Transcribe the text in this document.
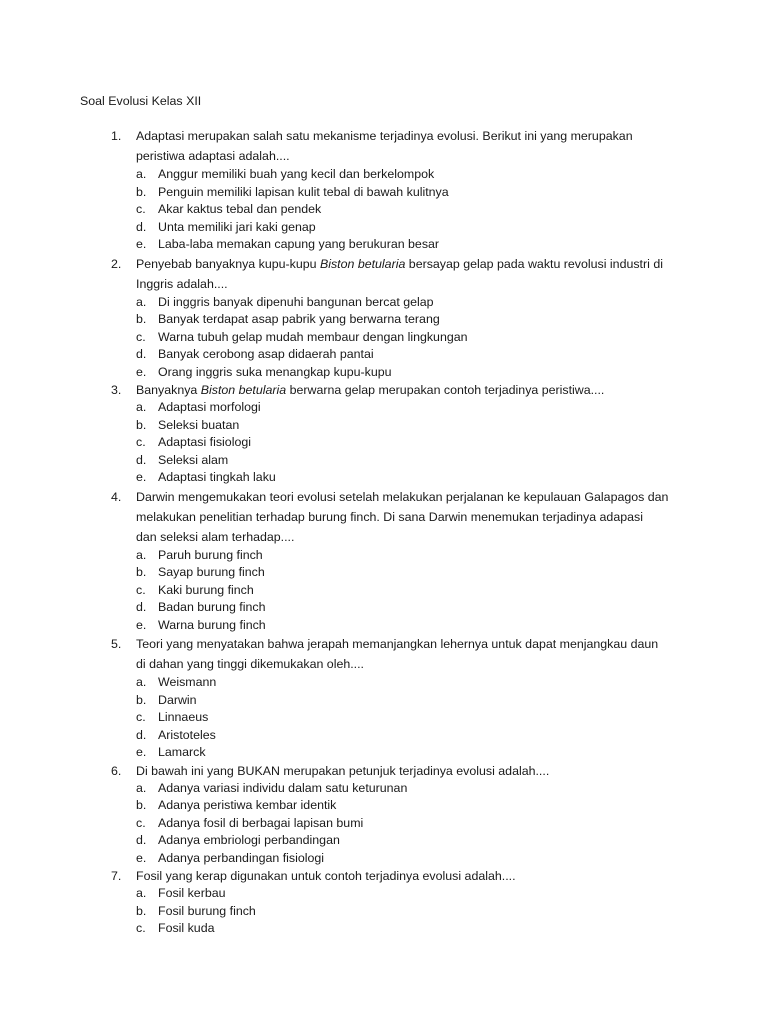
Soal Evolusi Kelas XII
1. Adaptasi merupakan salah satu mekanisme terjadinya evolusi. Berikut ini yang merupakan
peristiwa adaptasi adalah....
a. Anggur memiliki buah yang kecil dan berkelompok
b. Penguin memiliki lapisan kulit tebal di bawah kulitnya
c. Akar kaktus tebal dan pendek
d. Unta memiliki jari kaki genap
e. Laba-laba memakan capung yang berukuran besar
2. Penyebab banyaknya kupu-kupu Biston betularia bersayap gelap pada waktu revolusi industri di
Inggris adalah....
a. Di inggris banyak dipenuhi bangunan bercat gelap
b. Banyak terdapat asap pabrik yang berwarna terang
c. Warna tubuh gelap mudah membaur dengan lingkungan
d. Banyak cerobong asap didaerah pantai
e. Orang inggris suka menangkap kupu-kupu
3. Banyaknya Biston betularia berwarna gelap merupakan contoh terjadinya peristiwa....
a. Adaptasi morfologi
b. Seleksi buatan
c. Adaptasi fisiologi
d. Seleksi alam
e. Adaptasi tingkah laku
4. Darwin mengemukakan teori evolusi setelah melakukan perjalanan ke kepulauan Galapagos dan
melakukan penelitian terhadap burung finch. Di sana Darwin menemukan terjadinya adapasi
dan seleksi alam terhadap....
a. Paruh burung finch
b. Sayap burung finch
c. Kaki burung finch
d. Badan burung finch
e. Warna burung finch
5. Teori yang menyatakan bahwa jerapah memanjangkan lehernya untuk dapat menjangkau daun
di dahan yang tinggi dikemukakan oleh....
a. Weismann
b. Darwin
c. Linnaeus
d. Aristoteles
e. Lamarck
6. Di bawah ini yang BUKAN merupakan petunjuk terjadinya evolusi adalah....
a. Adanya variasi individu dalam satu keturunan
b. Adanya peristiwa kembar identik
c. Adanya fosil di berbagai lapisan bumi
d. Adanya embriologi perbandingan
e. Adanya perbandingan fisiologi
7. Fosil yang kerap digunakan untuk contoh terjadinya evolusi adalah....
a. Fosil kerbau
b. Fosil burung finch
c. Fosil kuda
